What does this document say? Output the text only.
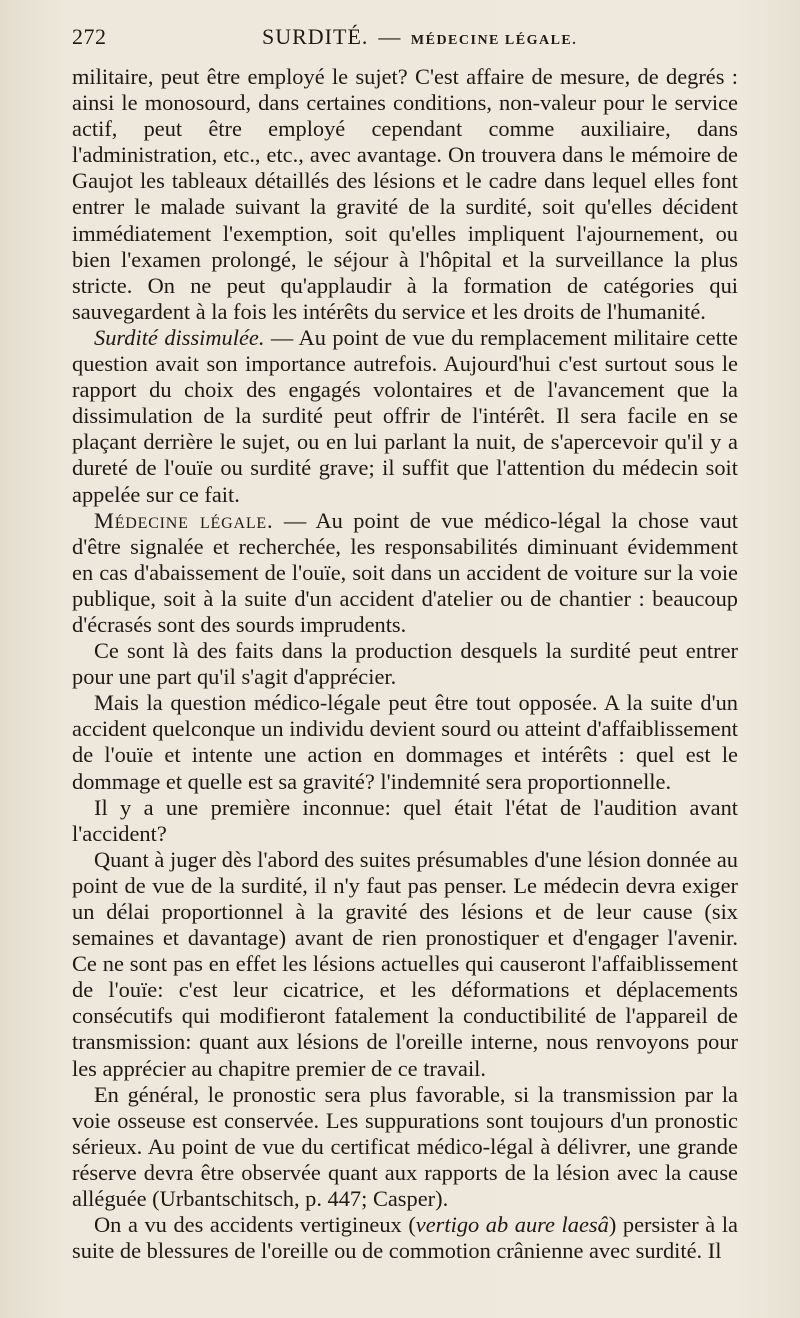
272	SURDITÉ. — MÉDECINE LÉGALE.

militaire, peut être employé le sujet? C'est affaire de mesure, de degrés : ainsi le monosourd, dans certaines conditions, non-valeur pour le service actif, peut être employé cependant comme auxiliaire, dans l'administration, etc., etc., avec avantage. On trouvera dans le mémoire de Gaujot les tableaux détaillés des lésions et le cadre dans lequel elles font entrer le malade suivant la gravité de la surdité, soit qu'elles décident immédiatement l'exemption, soit qu'elles impliquent l'ajournement, ou bien l'examen prolongé, le séjour à l'hôpital et la surveillance la plus stricte. On ne peut qu'applaudir à la formation de catégories qui sauvegardent à la fois les intérêts du service et les droits de l'humanité.

Surdité dissimulée. — Au point de vue du remplacement militaire cette question avait son importance autrefois. Aujourd'hui c'est surtout sous le rapport du choix des engagés volontaires et de l'avancement que la dissimulation de la surdité peut offrir de l'intérêt. Il sera facile en se plaçant derrière le sujet, ou en lui parlant la nuit, de s'apercevoir qu'il y a dureté de l'ouïe ou surdité grave; il suffit que l'attention du médecin soit appelée sur ce fait.

Médecine légale. — Au point de vue médico-légal la chose vaut d'être signalée et recherchée, les responsabilités diminuant évidemment en cas d'abaissement de l'ouïe, soit dans un accident de voiture sur la voie publique, soit à la suite d'un accident d'atelier ou de chantier : beaucoup d'écrasés sont des sourds imprudents.

Ce sont là des faits dans la production desquels la surdité peut entrer pour une part qu'il s'agit d'apprécier.

Mais la question médico-légale peut être tout opposée. A la suite d'un accident quelconque un individu devient sourd ou atteint d'affaiblissement de l'ouïe et intente une action en dommages et intérêts : quel est le dommage et quelle est sa gravité? l'indemnité sera proportionnelle.

Il y a une première inconnue: quel était l'état de l'audition avant l'accident?

Quant à juger dès l'abord des suites présumables d'une lésion donnée au point de vue de la surdité, il n'y faut pas penser. Le médecin devra exiger un délai proportionnel à la gravité des lésions et de leur cause (six semaines et davantage) avant de rien pronostiquer et d'engager l'avenir. Ce ne sont pas en effet les lésions actuelles qui causeront l'affaiblissement de l'ouïe: c'est leur cicatrice, et les déformations et déplacements consécutifs qui modifieront fatalement la conductibilité de l'appareil de transmission: quant aux lésions de l'oreille interne, nous renvoyons pour les apprécier au chapitre premier de ce travail.

En général, le pronostic sera plus favorable, si la transmission par la voie osseuse est conservée. Les suppurations sont toujours d'un pronostic sérieux. Au point de vue du certificat médico-légal à délivrer, une grande réserve devra être observée quant aux rapports de la lésion avec la cause alléguée (Urbantschitsch, p. 447; Casper).

On a vu des accidents vertigineux (vertigo ab aure laesâ) persister à la suite de blessures de l'oreille ou de commotion crânienne avec surdité. Il
